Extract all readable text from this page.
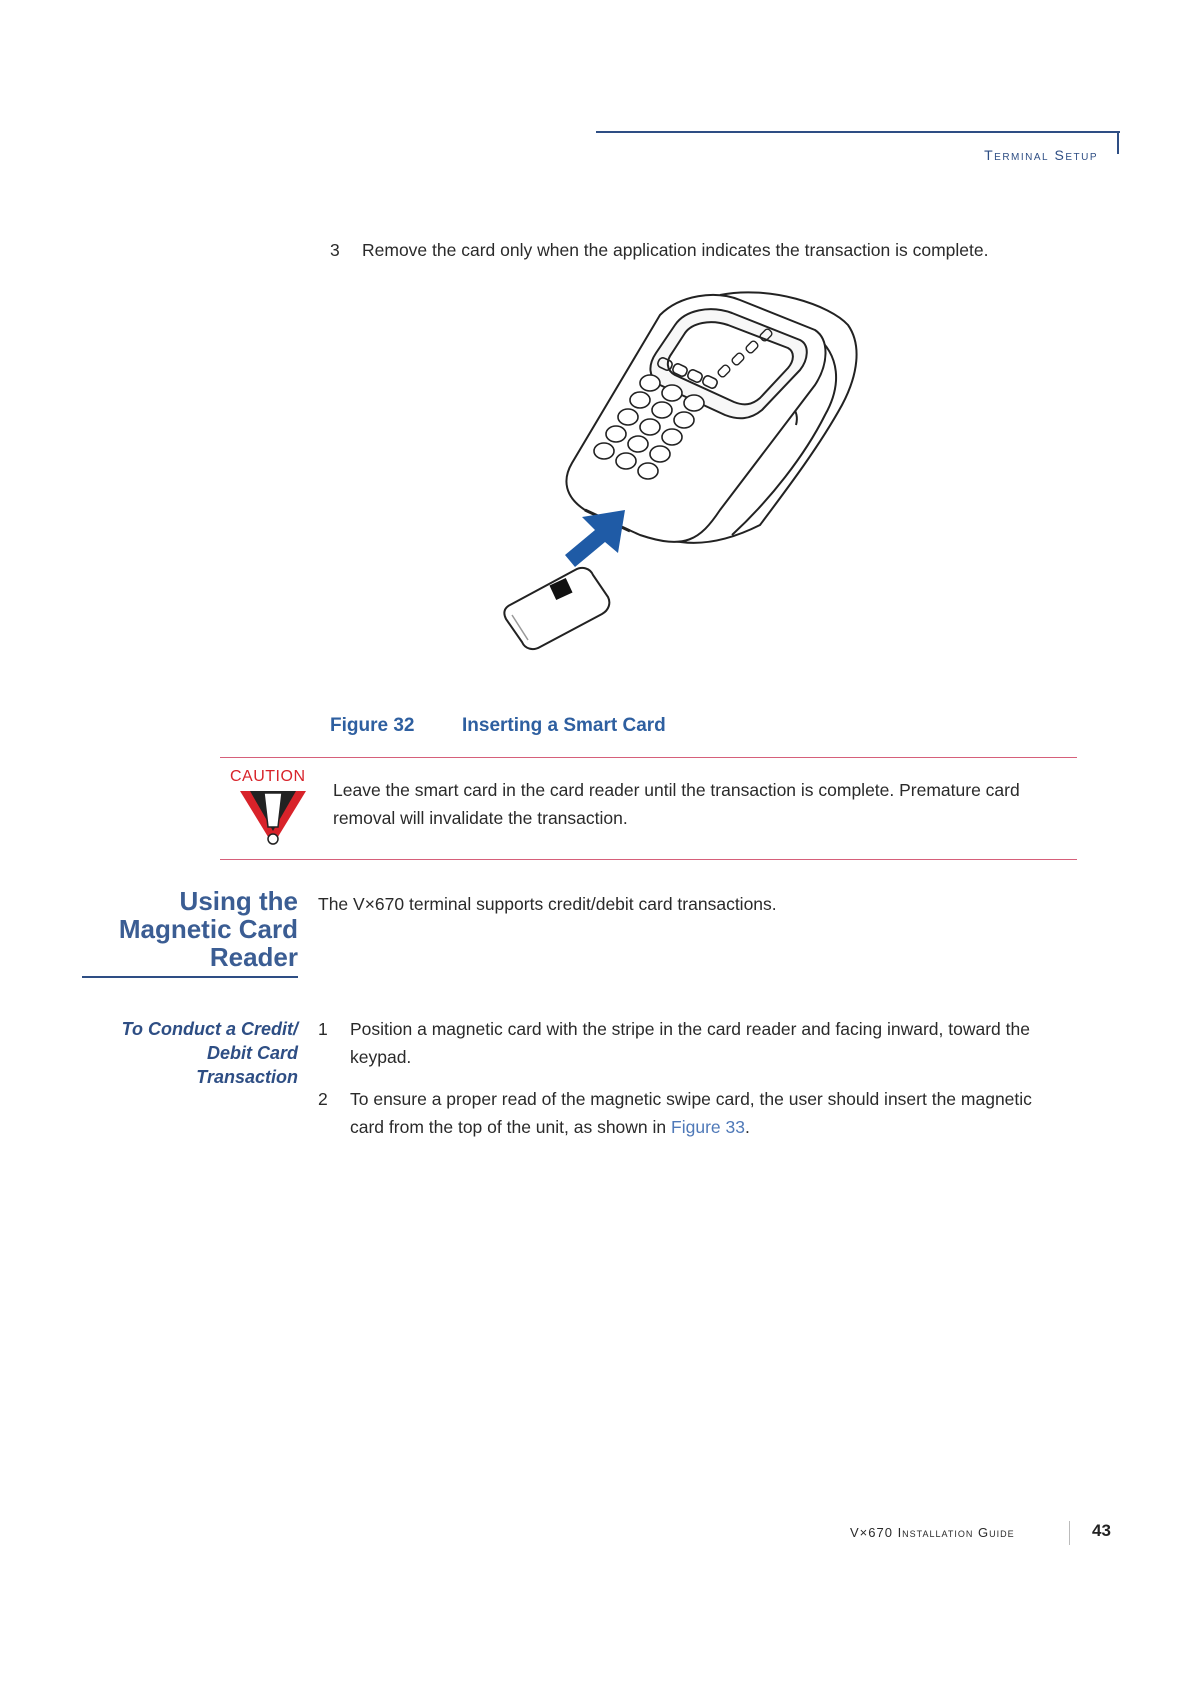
Terminal Setup
3	Remove the card only when the application indicates the transaction is complete.
Figure 32	Inserting a Smart Card
CAUTION
Leave the smart card in the card reader until the transaction is complete. Premature card removal will invalidate the transaction.
Using the
Magnetic Card
Reader
The V×670 terminal supports credit/debit card transactions.
To Conduct a Credit/
Debit Card
Transaction
1	Position a magnetic card with the stripe in the card reader and facing inward, toward the keypad.
2	To ensure a proper read of the magnetic swipe card, the user should insert the magnetic card from the top of the unit, as shown in Figure 33.
V×670 Installation Guide	43
